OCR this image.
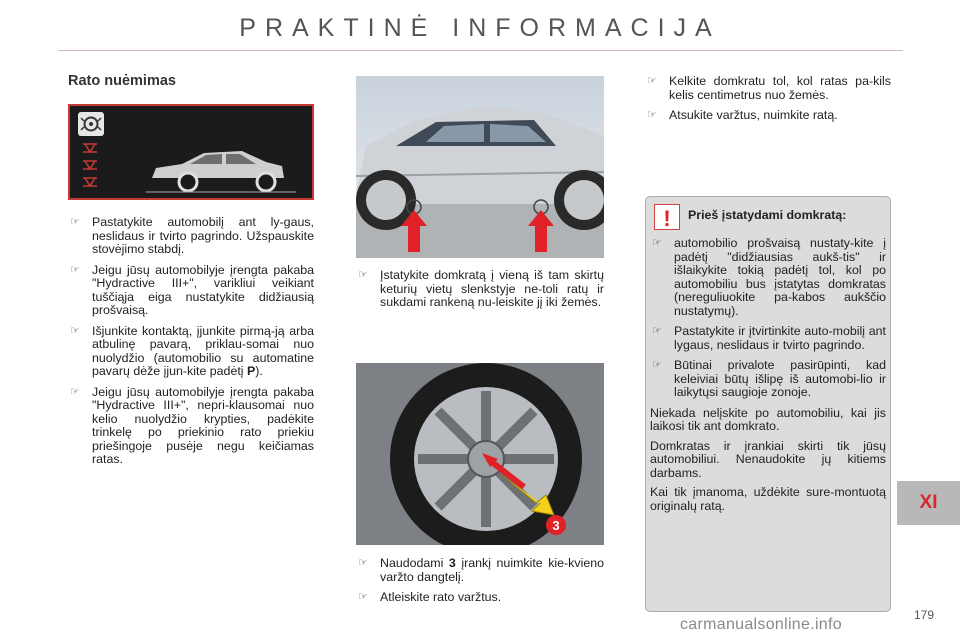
PRAKTINĖ INFORMACIJA
Rato nuėmimas
☞ Pastatykite automobilį ant ly-gaus, neslidaus ir tvirto pagrindo. Užspauskite stovėjimo stabdį.
☞ Jeigu jūsų automobilyje įrengta pakaba "Hydractive III+", varikliui veikiant tuščiąja eiga nustatykite didžiausią prošvaisą.
☞ Išjunkite kontaktą, įjunkite pirmą-ją arba atbulinę pavarą, priklau-somai nuo nuolydžio (automobilio su automatine pavarų dėže įjun-kite padėtį P).
☞ Jeigu jūsų automobilyje įrengta pakaba "Hydractive III+", nepri-klausomai nuo kelio nuolydžio krypties, padėkite trinkelę po priekinio rato priekiu priešingoje pusėje negu keičiamas ratas.
☞ Įstatykite domkratą į vieną iš tam skirtų keturių vietų slenkstyje ne-toli ratų ir sukdami rankeną nu-leiskite jį iki žemės.
3
☞ Naudodami 3 įrankį nuimkite kie-kvieno varžto dangtelį.
☞ Atleiskite rato varžtus.
☞ Kelkite domkratu tol, kol ratas pa-kils kelis centimetrus nuo žemės.
☞ Atsukite varžtus, nuimkite ratą.
! Prieš įstatydami domkratą:
☞ automobilio prošvaisą nustaty-kite į padėtį "didžiausias aukš-tis" ir išlaikykite tokią padėtį tol, kol po automobiliu bus įstatytas domkratas (nereguliuokite pa-kabos aukščio nustatymų).
☞ Pastatykite ir įtvirtinkite auto-mobilį ant lygaus, neslidaus ir tvirto pagrindo.
☞ Būtinai privalote pasirūpinti, kad keleiviai būtų išlipę iš automobi-lio ir laikytųsi saugioje zonoje.

Niekada nelįskite po automobiliu, kai jis laikosi tik ant domkrato.

Domkratas ir įrankiai skirti tik jūsų automobiliui. Nenaudokite jų kitiems darbams.

Kai tik įmanoma, uždėkite sure-montuotą originalų ratą.	XI
179
carmanualsonline.info
